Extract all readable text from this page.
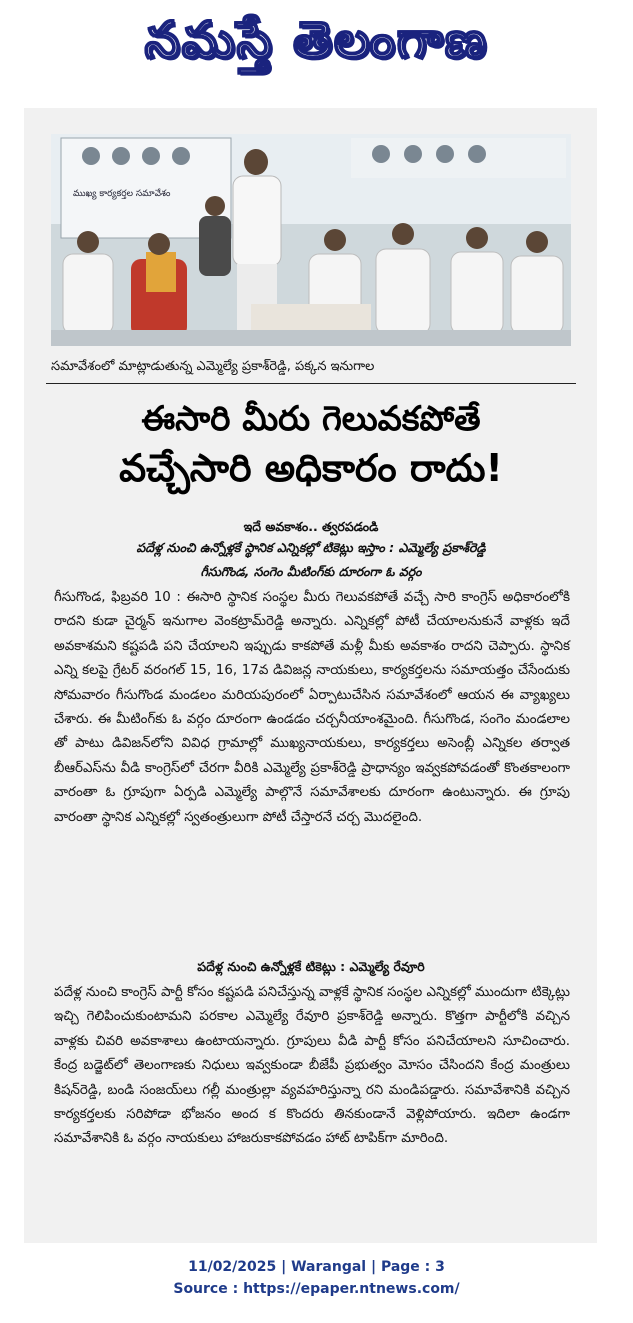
నమస్తే తెలంగాణ
ముఖ్య కార్యకర్తల సమావేశం
సమావేశంలో మాట్లాడుతున్న ఎమ్మెల్యే ప్రకాశ్‌రెడ్డి, పక్కన ఇనుగాల
ఈసారి మీరు గెలువకపోతే
వచ్చేసారి అధికారం రాదు!
ఇదే అవకాశం.. త్వరపడండి
పదేళ్ల నుంచి ఉన్నోళ్లకే స్థానిక ఎన్నికల్లో టికెట్లు ఇస్తాం : ఎమ్మెల్యే ప్రకాశ్‌రెడ్డి
గీసుగొండ, సంగెం మీటింగ్‌కు దూరంగా ఓ వర్గం
గీసుగొండ, ఫిబ్రవరి 10 : ఈసారి స్థానిక సంస్థల మీరు గెలువకపోతే వచ్చే సారి కాంగ్రెస్‌ అధికారంలోకి రాదని కుడా చైర్మన్‌ ఇనుగాల వెంకట్రామ్‌రెడ్డి అన్నారు. ఎన్నికల్లో పోటీ చేయాలనుకునే వాళ్లకు ఇదే అవకాశమని కష్టపడి పని చేయాలని ఇప్పుడు కాకపోతే మళ్లీ మీకు అవకాశం రాదని చెప్పారు. స్థానిక ఎన్ని కలపై గ్రేటర్‌ వరంగల్‌ 15, 16, 17వ డివిజన్ల నాయకులు, కార్యకర్తలను సమాయత్తం చేసేందుకు సోమవారం గీసుగొండ మండలం మరియపురంలో ఏర్పాటుచేసిన సమావేశంలో ఆయన ఈ వ్యాఖ్యలు చేశారు. ఈ మీటింగ్‌కు ఓ వర్గం దూరంగా ఉండడం చర్చనీయాంశమైంది. గీసుగొండ, సంగెం మండలాల తో పాటు డివిజన్‌లోని వివిధ గ్రామాల్లో ముఖ్యనాయకులు, కార్యకర్తలు అసెంబ్లీ ఎన్నికల తర్వాత బీఆర్‌ఎస్‌ను వీడి కాంగ్రెస్‌లో చేరగా వీరికి ఎమ్మెల్యే ప్రకాశ్‌రెడ్డి ప్రాధాన్యం ఇవ్వకపోవడంతో కొంతకాలంగా వారంతా ఓ గ్రూపుగా ఏర్పడి ఎమ్మెల్యే పాల్గొనే సమావేశాలకు దూరంగా ఉంటున్నారు. ఈ గ్రూపు వారంతా స్థానిక ఎన్నికల్లో స్వతంత్రులుగా పోటీ చేస్తారనే చర్చ మొదలైంది.
పదేళ్ల నుంచి ఉన్నోళ్లకే టికెట్లు : ఎమ్మెల్యే రేవూరి
పదేళ్ల నుంచి కాంగ్రెస్‌ పార్టీ కోసం కష్టపడి పనిచేస్తున్న వాళ్లకే స్థానిక సంస్థల ఎన్నికల్లో ముందుగా టిక్కెట్లు ఇచ్చి గెలిపించుకుంటామని పరకాల ఎమ్మెల్యే రేవూరి ప్రకాశ్‌రెడ్డి అన్నారు. కొత్తగా పార్టీలోకి వచ్చిన వాళ్లకు చివరి అవకాశాలు ఉంటాయన్నారు. గ్రూపులు వీడి పార్టీ కోసం పనిచేయాలని సూచించారు. కేంద్ర బడ్జెట్‌లో తెలంగాణకు నిధులు ఇవ్వకుండా బీజేపీ ప్రభుత్వం మోసం చేసిందని కేంద్ర మంత్రులు కిషన్‌రెడ్డి, బండి సంజయ్‌లు గల్లీ మంత్రుల్లా వ్యవహరిస్తున్నా రని మండిపడ్డారు. సమావేశానికి వచ్చిన కార్యకర్తలకు సరిపోడా భోజనం అంద క కొందరు తినకుండానే వెళ్లిపోయారు. ఇదిలా ఉండగా సమావేశానికి ఓ వర్గం నాయకులు హాజరుకాకపోవడం హాట్‌ టాపిక్‌గా మారింది.
11/02/2025 | Warangal | Page : 3
Source : https://epaper.ntnews.com/
